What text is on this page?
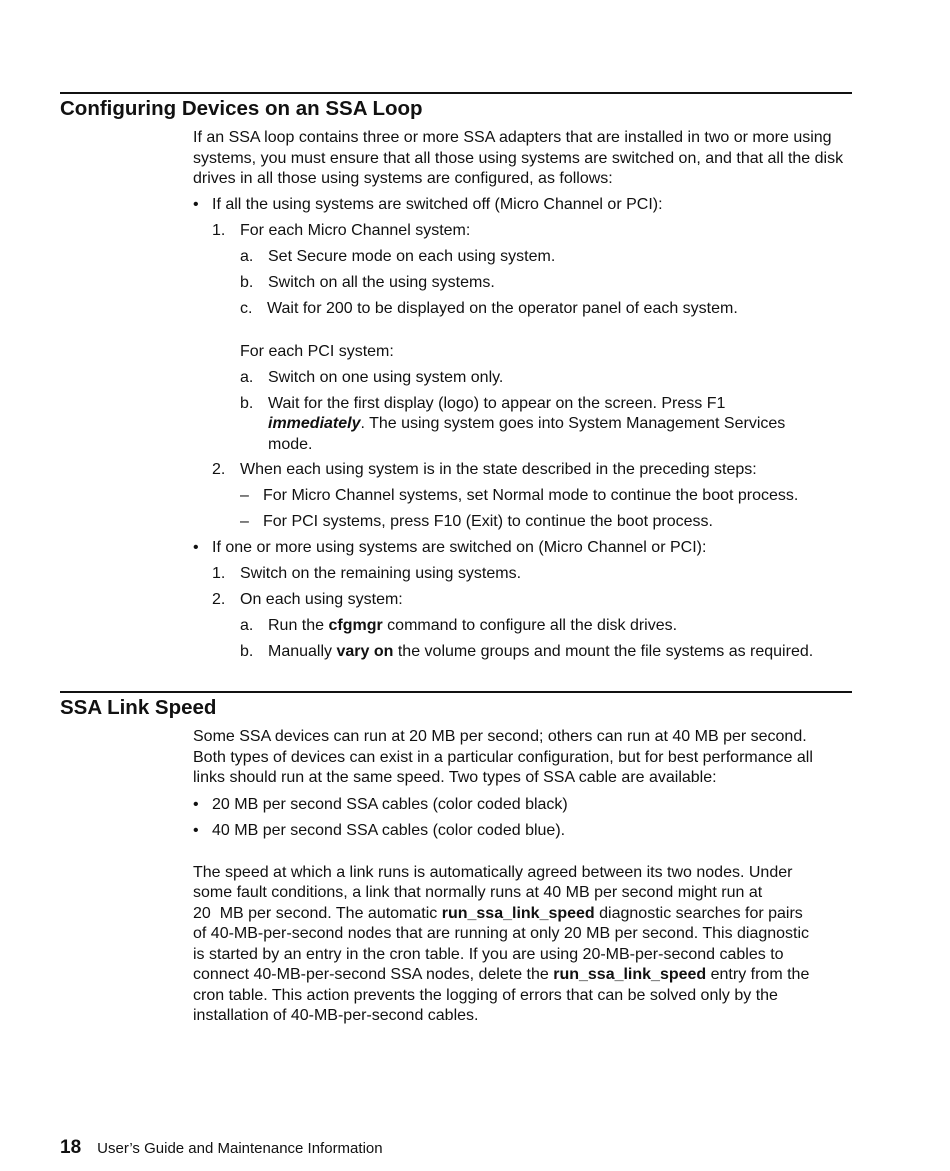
Configuring Devices on an SSA Loop

If an SSA loop contains three or more SSA adapters that are installed in two or more using systems, you must ensure that all those using systems are switched on, and that all the disk drives in all those using systems are configured, as follows:

• If all the using systems are switched off (Micro Channel or PCI):
1. For each Micro Channel system:
a. Set Secure mode on each using system.
b. Switch on all the using systems.
c. Wait for 200 to be displayed on the operator panel of each system.
For each PCI system:
a. Switch on one using system only.
b. Wait for the first display (logo) to appear on the screen. Press F1
immediately. The using system goes into System Management Services
mode.
2. When each using system is in the state described in the preceding steps:
– For Micro Channel systems, set Normal mode to continue the boot process.
– For PCI systems, press F10 (Exit) to continue the boot process.
• If one or more using systems are switched on (Micro Channel or PCI):
1. Switch on the remaining using systems.
2. On each using system:
a. Run the cfgmgr command to configure all the disk drives.
b. Manually vary on the volume groups and mount the file systems as required.
SSA Link Speed
Some SSA devices can run at 20 MB per second; others can run at 40 MB per second.
Both types of devices can exist in a particular configuration, but for best performance all
links should run at the same speed. Two types of SSA cable are available:
• 20 MB per second SSA cables (color coded black)
• 40 MB per second SSA cables (color coded blue).
The speed at which a link runs is automatically agreed between its two nodes. Under
some fault conditions, a link that normally runs at 40 MB per second might run at
20  MB per second. The automatic run_ssa_link_speed diagnostic searches for pairs
of 40-MB-per-second nodes that are running at only 20 MB per second. This diagnostic
is started by an entry in the cron table. If you are using 20-MB-per-second cables to
connect 40-MB-per-second SSA nodes, delete the run_ssa_link_speed entry from the
cron table. This action prevents the logging of errors that can be solved only by the
installation of 40-MB-per-second cables.
18 User’s Guide and Maintenance Information
